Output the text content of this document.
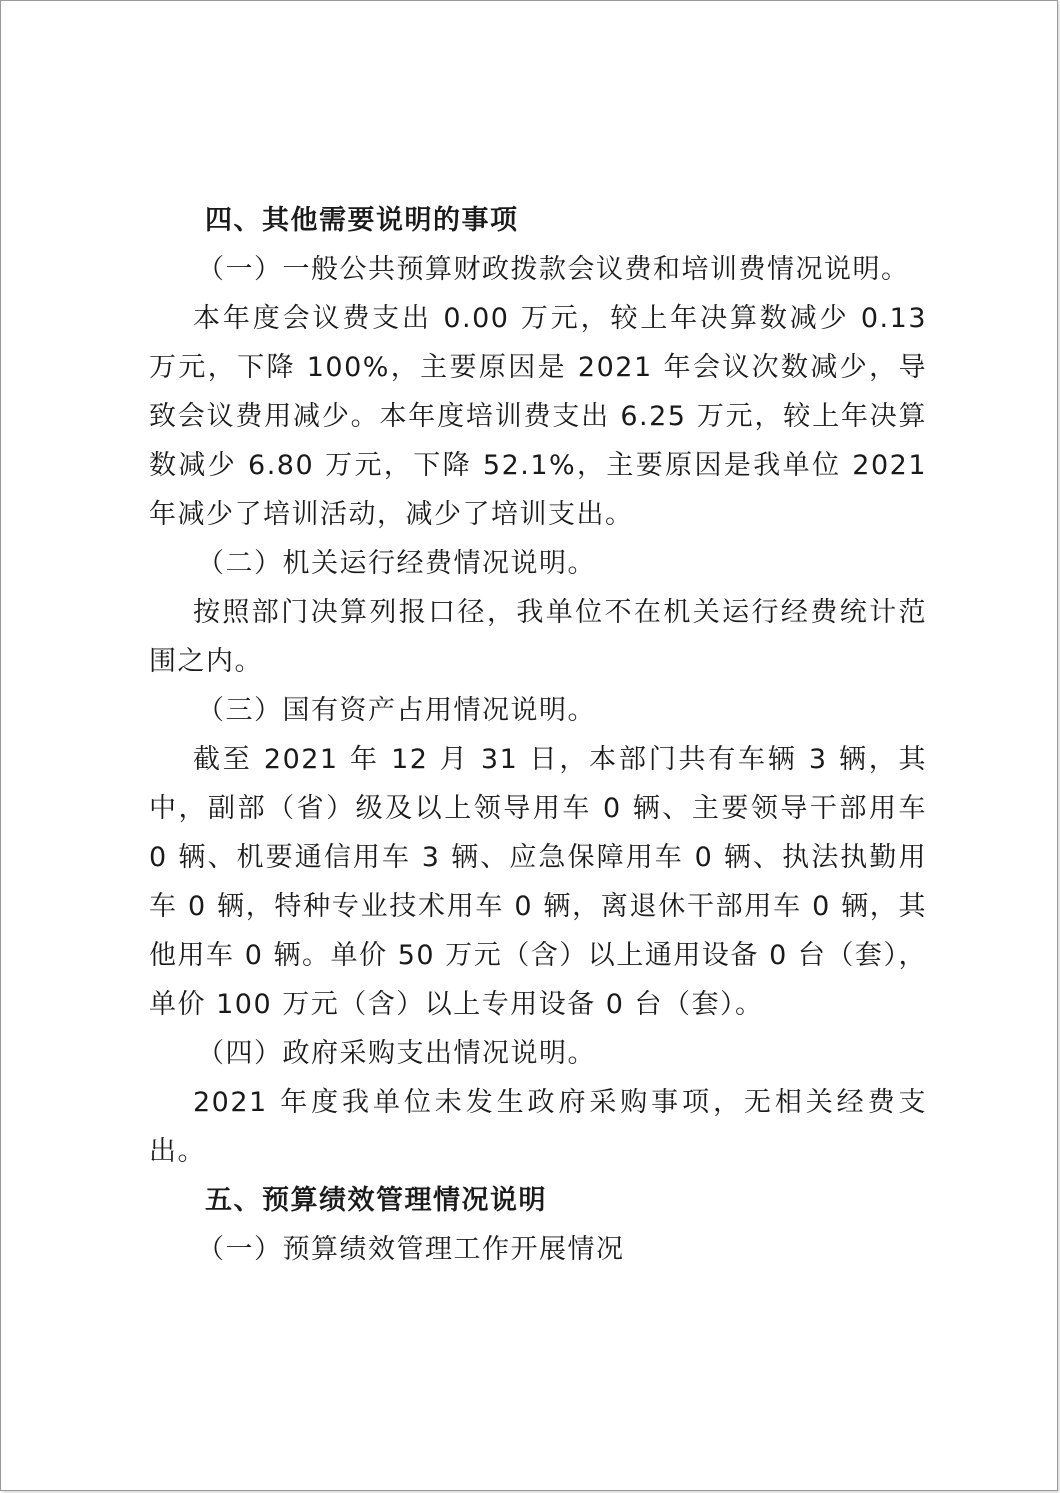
四、其他需要说明的事项

（一）一般公共预算财政拨款会议费和培训费情况说明。

本年度会议费支出 0.00 万元，较上年决算数减少 0.13 万元，下降 100%，主要原因是 2021 年会议次数减少，导致会议费用减少。本年度培训费支出 6.25 万元，较上年决算数减少 6.80 万元，下降 52.1%，主要原因是我单位 2021 年减少了培训活动，减少了培训支出。

（二）机关运行经费情况说明。

按照部门决算列报口径，我单位不在机关运行经费统计范围之内。

（三）国有资产占用情况说明。

截至 2021 年 12 月 31 日，本部门共有车辆 3 辆，其中，副部（省）级及以上领导用车 0 辆、主要领导干部用车 0 辆、机要通信用车 3 辆、应急保障用车 0 辆、执法执勤用车 0 辆，特种专业技术用车 0 辆，离退休干部用车 0 辆，其他用车 0 辆。单价 50 万元（含）以上通用设备 0 台（套），单价 100 万元（含）以上专用设备 0 台（套）。

（四）政府采购支出情况说明。

2021 年度我单位未发生政府采购事项，无相关经费支出。

五、预算绩效管理情况说明

（一）预算绩效管理工作开展情况
